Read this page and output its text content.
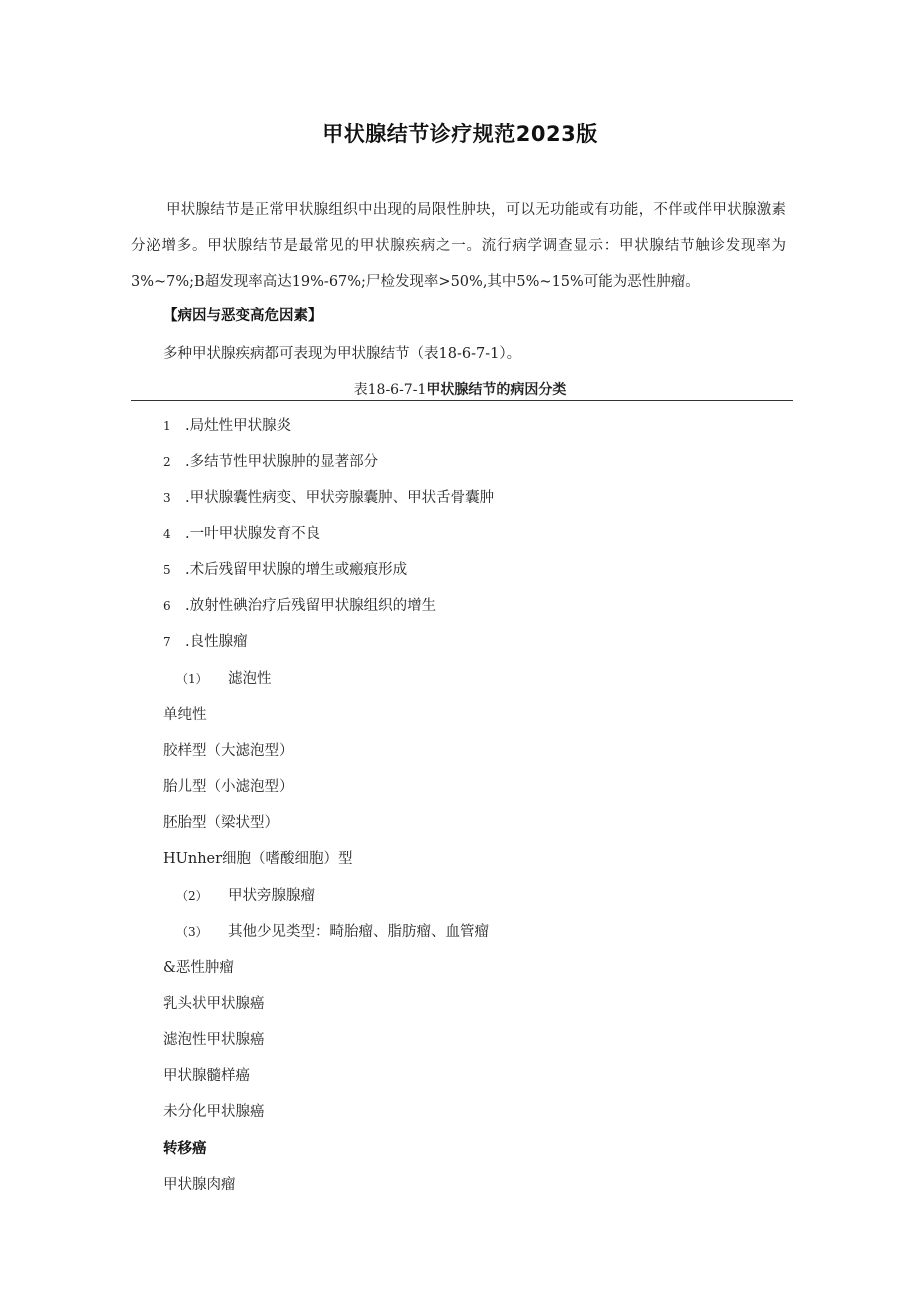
甲状腺结节诊疗规范2023版

甲状腺结节是正常甲状腺组织中出现的局限性肿块，可以无功能或有功能，不伴或伴甲状腺激素分泌增多。甲状腺结节是最常见的甲状腺疾病之一。流行病学调查显示：甲状腺结节触诊发现率为3%~7%;B超发现率高达19%-67%;尸检发现率>50%,其中5%~15%可能为恶性肿瘤。

【病因与恶变高危因素】
多种甲状腺疾病都可表现为甲状腺结节（表18-6-7-1）。
表18-6-7-1甲状腺结节的病因分类
1 .局灶性甲状腺炎
2 .多结节性甲状腺肿的显著部分
3 .甲状腺囊性病变、甲状旁腺囊肿、甲状舌骨囊肿
4 .一叶甲状腺发育不良
5 .术后残留甲状腺的增生或瘢痕形成
6 .放射性碘治疗后残留甲状腺组织的增生
7 .良性腺瘤
（1） 滤泡性
单纯性
胶样型（大滤泡型）
胎儿型（小滤泡型）
胚胎型（梁状型）
HUnher细胞（嗜酸细胞）型
（2） 甲状旁腺腺瘤
（3） 其他少见类型：畸胎瘤、脂肪瘤、血管瘤
&恶性肿瘤
乳头状甲状腺癌
滤泡性甲状腺癌
甲状腺髓样癌
未分化甲状腺癌
转移癌
甲状腺肉瘤
